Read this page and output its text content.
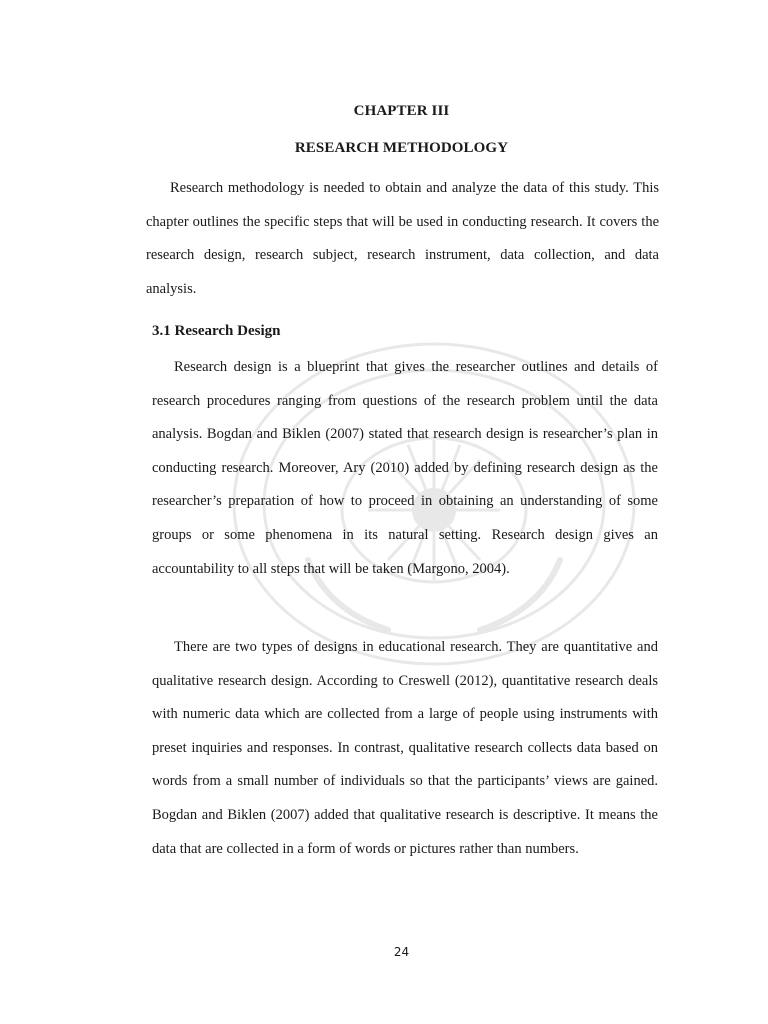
CHAPTER III
RESEARCH METHODOLOGY

Research methodology is needed to obtain and analyze the data of this study. This chapter outlines the specific steps that will be used in conducting research. It covers the research design, research subject, research instrument, data collection, and data analysis.

3.1 Research Design

Research design is a blueprint that gives the researcher outlines and details of research procedures ranging from questions of the research problem until the data analysis. Bogdan and Biklen (2007) stated that research design is researcher’s plan in conducting research. Moreover, Ary (2010) added by defining research design as the researcher’s preparation of how to proceed in obtaining an understanding of some groups or some phenomena in its natural setting. Research design gives an accountability to all steps that will be taken (Margono, 2004).

There are two types of designs in educational research. They are quantitative and qualitative research design. According to Creswell (2012), quantitative research deals with numeric data which are collected from a large of people using instruments with preset inquiries and responses. In contrast, qualitative research collects data based on words from a small number of individuals so that the participants’ views are gained. Bogdan and Biklen (2007) added that qualitative research is descriptive. It means the data that are collected in a form of words or pictures rather than numbers.

24
